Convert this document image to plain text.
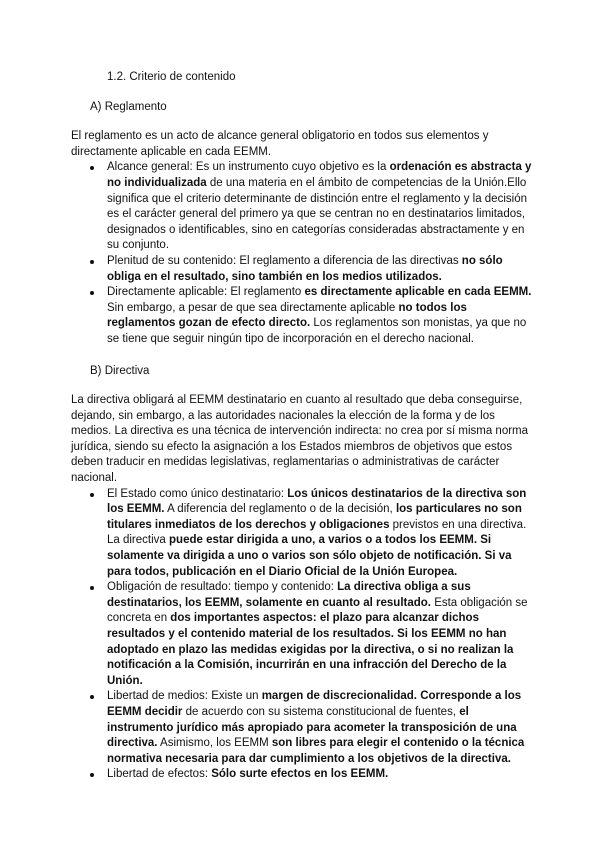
1.2. Criterio de contenido
A) Reglamento
El reglamento es un acto de alcance general obligatorio en todos sus elementos y directamente aplicable en cada EEMM.
Alcance general: Es un instrumento cuyo objetivo es la ordenación es abstracta y no individualizada de una materia en el ámbito de competencias de la Unión.Ello significa que el criterio determinante de distinción entre el reglamento y la decisión es el carácter general del primero ya que se centran no en destinatarios limitados, designados o identificables, sino en categorías consideradas abstractamente y en su conjunto.
Plenitud de su contenido: El reglamento a diferencia de las directivas no sólo obliga en el resultado, sino también en los medios utilizados.
Directamente aplicable: El reglamento es directamente aplicable en cada EEMM. Sin embargo, a pesar de que sea directamente aplicable no todos los reglamentos gozan de efecto directo. Los reglamentos son monistas, ya que no se tiene que seguir ningún tipo de incorporación en el derecho nacional.
B) Directiva
La directiva obligará al EEMM destinatario en cuanto al resultado que deba conseguirse, dejando, sin embargo, a las autoridades nacionales la elección de la forma y de los medios. La directiva es una técnica de intervención indirecta: no crea por sí misma norma jurídica, siendo su efecto la asignación a los Estados miembros de objetivos que estos deben traducir en medidas legislativas, reglamentarias o administrativas de carácter nacional.
El Estado como único destinatario: Los únicos destinatarios de la directiva son los EEMM. A diferencia del reglamento o de la decisión, los particulares no son titulares inmediatos de los derechos y obligaciones previstos en una directiva. La directiva puede estar dirigida a uno, a varios o a todos los EEMM. Si solamente va dirigida a uno o varios son sólo objeto de notificación. Si va para todos, publicación en el Diario Oficial de la Unión Europea.
Obligación de resultado: tiempo y contenido: La directiva obliga a sus destinatarios, los EEMM, solamente en cuanto al resultado. Esta obligación se concreta en dos importantes aspectos: el plazo para alcanzar dichos resultados y el contenido material de los resultados. Si los EEMM no han adoptado en plazo las medidas exigidas por la directiva, o si no realizan la notificación a la Comisión, incurrirán en una infracción del Derecho de la Unión.
Libertad de medios: Existe un margen de discrecionalidad. Corresponde a los EEMM decidir de acuerdo con su sistema constitucional de fuentes, el instrumento jurídico más apropiado para acometer la transposición de una directiva. Asimismo, los EEMM son libres para elegir el contenido o la técnica normativa necesaria para dar cumplimiento a los objetivos de la directiva.
Libertad de efectos: Sólo surte efectos en los EEMM.
